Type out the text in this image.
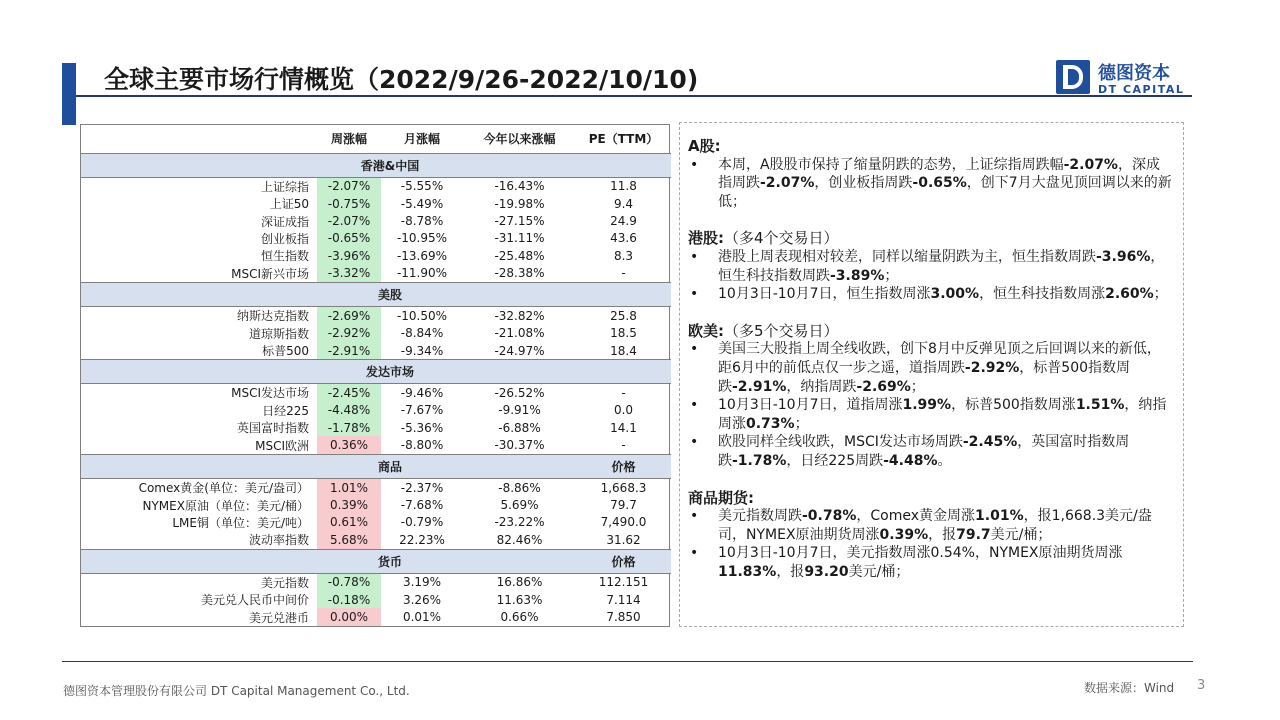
全球主要市场行情概览（2022/9/26-2022/10/10)	德图资本
DT CAPITAL
	周涨幅	月涨幅	今年以来涨幅	PE（TTM）
	香港&中国			
上证综指	-2.07%	-5.55%	-16.43%	11.8
上证50	-0.75%	-5.49%	-19.98%	9.4
深证成指	-2.07%	-8.78%	-27.15%	24.9
创业板指	-0.65%	-10.95%	-31.11%	43.6
恒生指数	-3.96%	-13.69%	-25.48%	8.3
MSCI新兴市场	-3.32%	-11.90%	-28.38%	-
	美股			
纳斯达克指数	-2.69%	-10.50%	-32.82%	25.8
道琼斯指数	-2.92%	-8.84%	-21.08%	18.5
标普500	-2.91%	-9.34%	-24.97%	18.4
	发达市场			
MSCI发达市场	-2.45%	-9.46%	-26.52%	-
日经225	-4.48%	-7.67%	-9.91%	0.0
英国富时指数	-1.78%	-5.36%	-6.88%	14.1
MSCI欧洲	0.36%	-8.80%	-30.37%	-
	商品			价格
Comex黄金(单位：美元/盎司）	1.01%	-2.37%	-8.86%	1,668.3
NYMEX原油（单位：美元/桶）	0.39%	-7.68%	5.69%	79.7
LME铜（单位：美元/吨）	0.61%	-0.79%	-23.22%	7,490.0
波动率指数	5.68%	22.23%	82.46%	31.62
	货币			价格
美元指数	-0.78%	3.19%	16.86%	112.151
美元兑人民币中间价	-0.18%	3.26%	11.63%	7.114
美元兑港币	0.00%	0.01%	0.66%	7.850
A股:
• 本周，A股股市保持了缩量阴跌的态势，上证综指周跌幅-2.07%，深成指周跌-2.07%，创业板指周跌-0.65%，创下7月大盘见顶回调以来的新低；
港股:（多4个交易日）
• 港股上周表现相对较差，同样以缩量阴跌为主，恒生指数周跌-3.96%，恒生科技指数周跌-3.89%；
• 10月3日-10月7日，恒生指数周涨3.00%，恒生科技指数周涨2.60%；
欧美:（多5个交易日）
• 美国三大股指上周全线收跌，创下8月中反弹见顶之后回调以来的新低，距6月中的前低点仅一步之遥，道指周跌-2.92%，标普500指数周跌-2.91%，纳指周跌-2.69%；
• 10月3日-10月7日，道指周涨1.99%，标普500指数周涨1.51%，纳指周涨0.73%；
• 欧股同样全线收跌，MSCI发达市场周跌-2.45%，英国富时指数周跌-1.78%，日经225周跌-4.48%。
商品期货:
• 美元指数周跌-0.78%，Comex黄金周涨1.01%，报1,668.3美元/盎司，NYMEX原油期货周涨0.39%，报79.7美元/桶；
• 10月3日-10月7日，美元指数周涨0.54%，NYMEX原油期货周涨11.83%，报93.20美元/桶；
德图资本管理股份有限公司 DT Capital Management Co., Ltd.	数据来源：Wind 3
